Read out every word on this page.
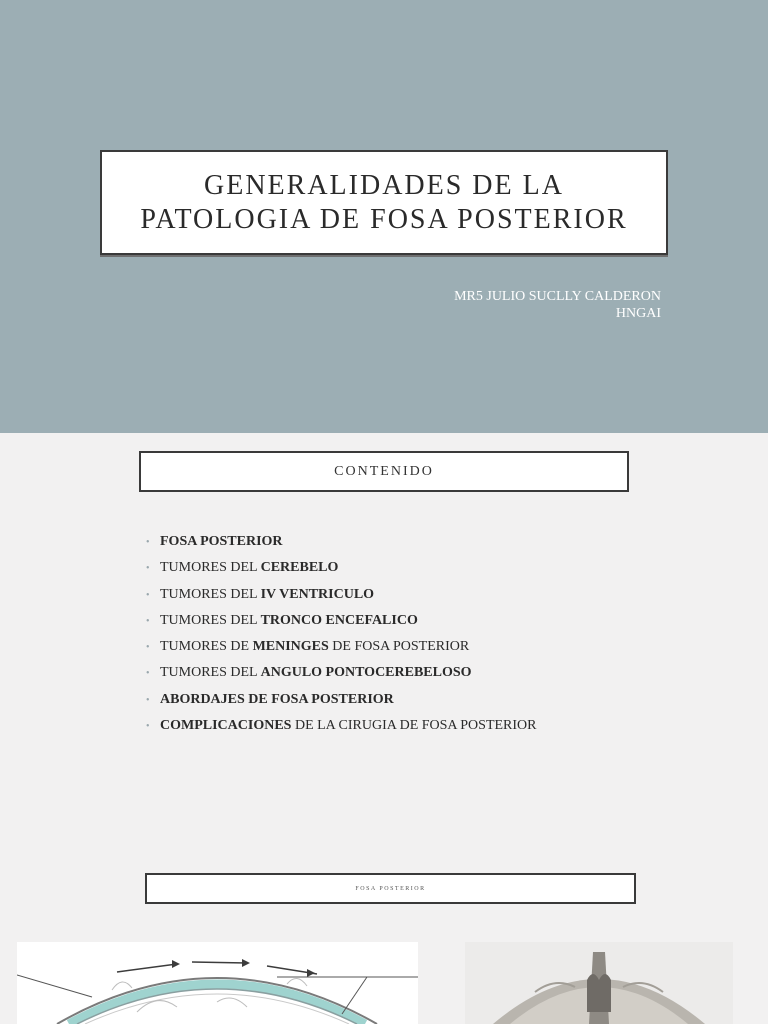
GENERALIDADES DE LA
PATOLOGIA DE FOSA POSTERIOR
MR5 JULIO SUCLLY CALDERON
HNGAI
CONTENIDO
• FOSA POSTERIOR
• TUMORES DEL CEREBELO
• TUMORES DEL IV VENTRICULO
• TUMORES DEL TRONCO ENCEFALICO
• TUMORES DE MENINGES DE FOSA POSTERIOR
• TUMORES DEL ANGULO PONTOCEREBELOSO
• ABORDAJES DE FOSA POSTERIOR
• COMPLICACIONES DE LA CIRUGIA DE FOSA POSTERIOR
FOSA POSTERIOR
